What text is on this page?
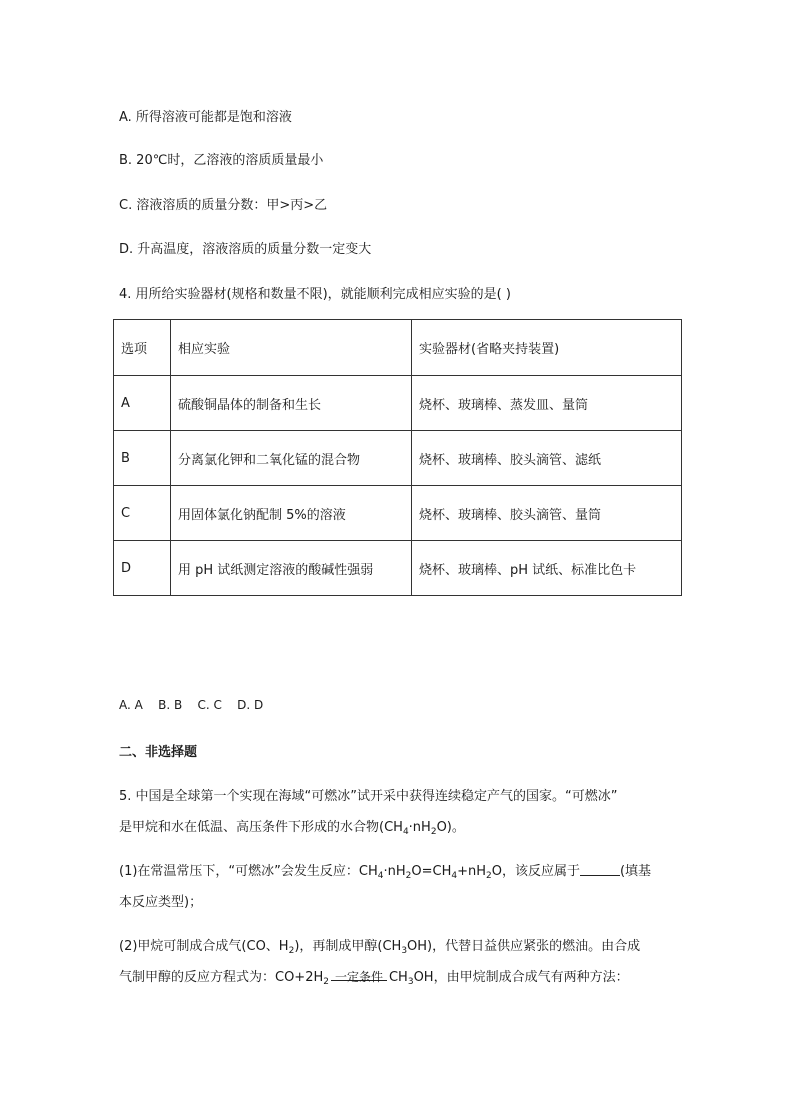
A. 所得溶液可能都是饱和溶液
B. 20℃时，乙溶液的溶质质量最小
C. 溶液溶质的质量分数：甲>丙>乙
D. 升高温度，溶液溶质的质量分数一定变大
4. 用所给实验器材(规格和数量不限)，就能顺利完成相应实验的是( )
选项	相应实验	实验器材(省略夹持装置)
A	硫酸铜晶体的制备和生长	烧杯、玻璃棒、蒸发皿、量筒
B	分离氯化钾和二氧化锰的混合物	烧杯、玻璃棒、胶头滴管、滤纸
C	用固体氯化钠配制 5%的溶液	烧杯、玻璃棒、胶头滴管、量筒
D	用 pH 试纸测定溶液的酸碱性强弱	烧杯、玻璃棒、pH 试纸、标准比色卡
A. A    B. B    C. C    D. D
二、非选择题
5. 中国是全球第一个实现在海域“可燃冰”试开采中获得连续稳定产气的国家。“可燃冰”
是甲烷和水在低温、高压条件下形成的水合物$(CH_4\cdot nH_2O)$。
(1)在常温常压下，“可燃冰”会发生反应：$CH_4\cdot nH_2O=CH_4+nH_2O$，该反应属于	(填基
本反应类型)；
(2)甲烷可制成合成气(CO、$H_2$)，再制成甲醇$(CH_3OH)$，代替日益供应紧张的燃油。由合成
气制甲醇的反应方程式为：$CO+2H_2$ 一定条件 $CH_3OH$，由甲烷制成合成气有两种方法：
